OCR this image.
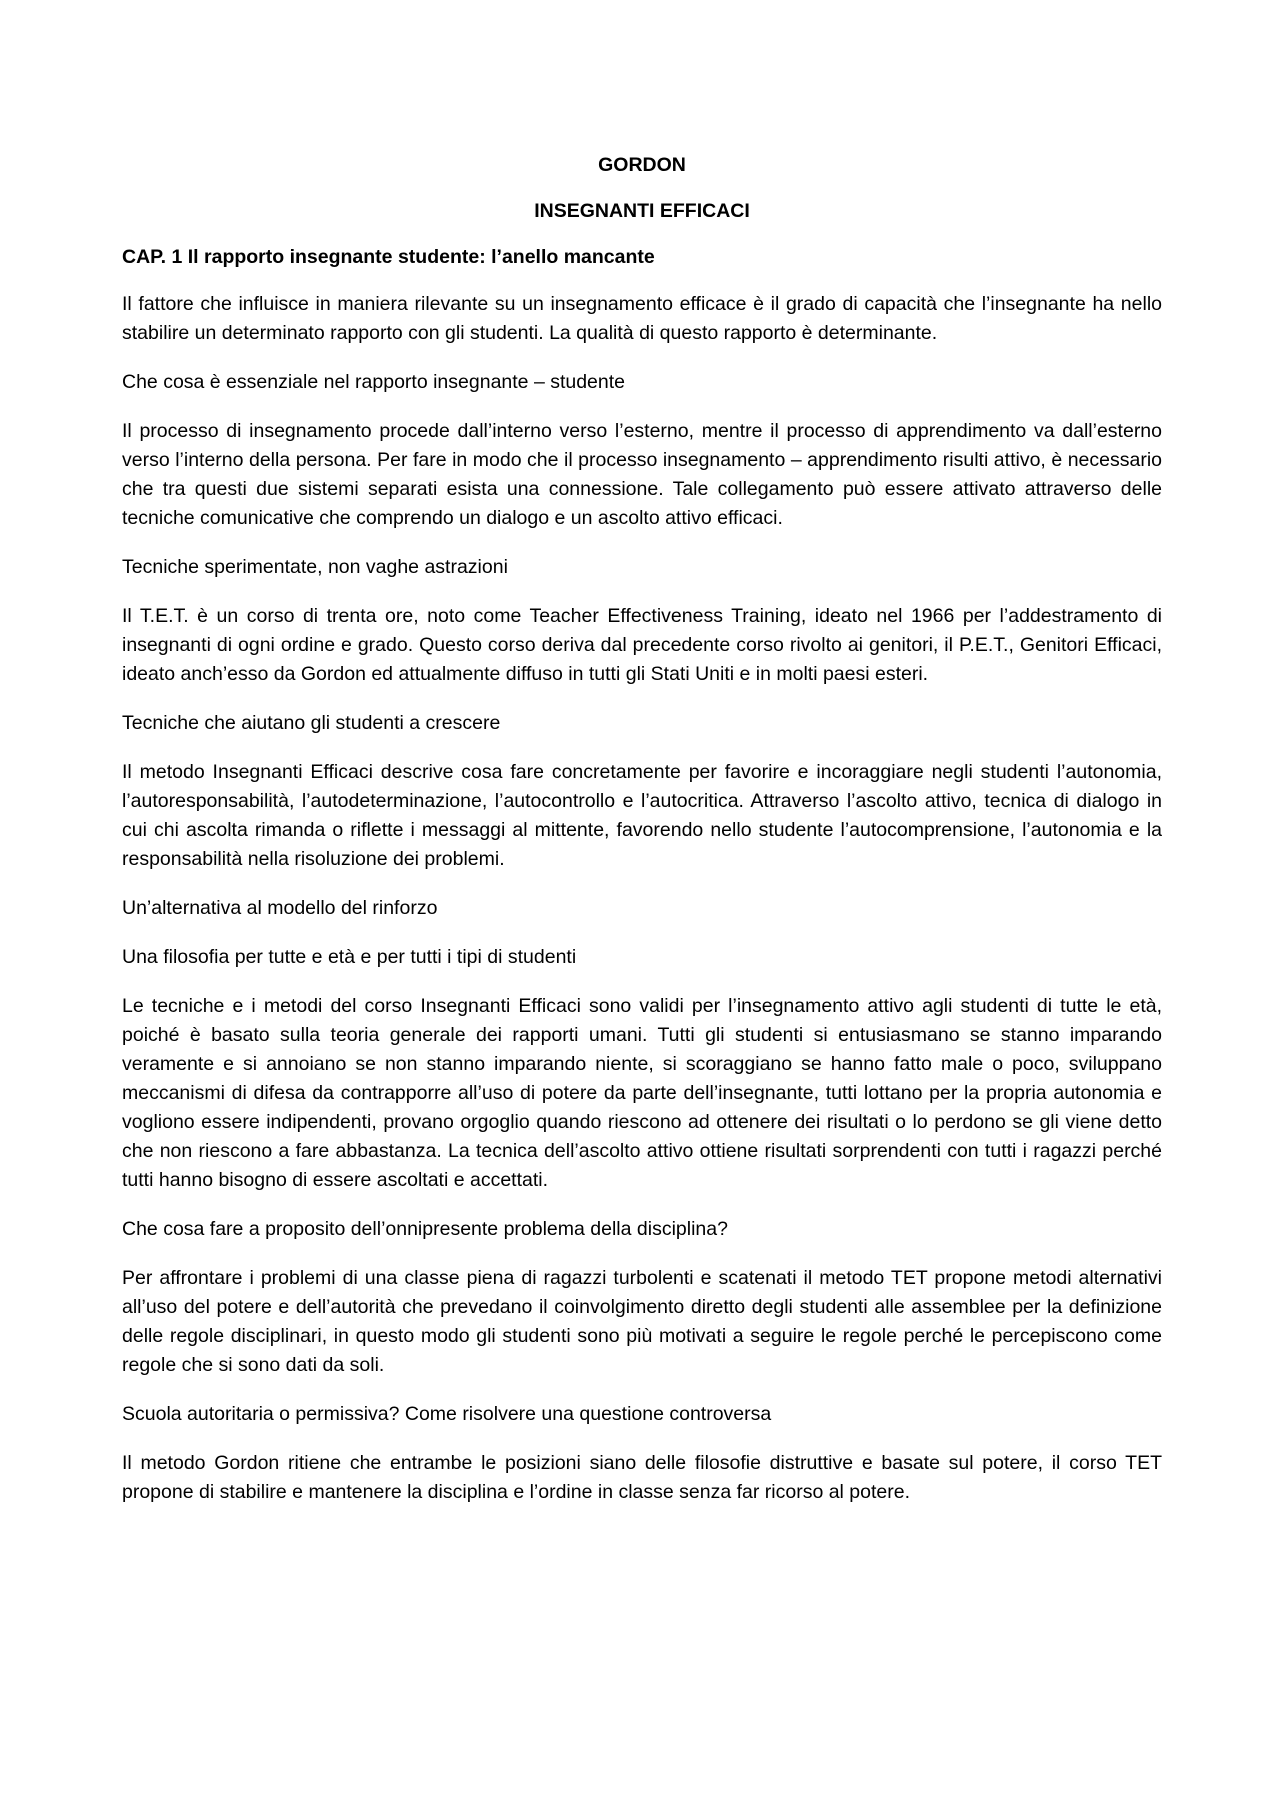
GORDON
INSEGNANTI EFFICACI
CAP. 1 Il rapporto insegnante studente: l’anello mancante
Il fattore che influisce in maniera rilevante su un insegnamento efficace è il grado di capacità che l’insegnante ha nello stabilire un determinato rapporto con gli studenti. La qualità di questo rapporto è determinante.
Che cosa è essenziale nel rapporto insegnante – studente
Il processo di insegnamento procede dall’interno verso l’esterno, mentre il processo di apprendimento va dall’esterno verso l’interno della persona. Per fare in modo che il processo insegnamento – apprendimento risulti attivo, è necessario che tra questi due sistemi separati esista una connessione. Tale collegamento può essere attivato attraverso delle tecniche comunicative che comprendo un dialogo e un ascolto attivo efficaci.
Tecniche sperimentate, non vaghe astrazioni
Il T.E.T. è un corso di trenta ore, noto come Teacher Effectiveness Training, ideato nel 1966 per l’addestramento di insegnanti di ogni ordine e grado. Questo corso deriva dal precedente corso rivolto ai genitori, il P.E.T., Genitori Efficaci, ideato anch’esso da Gordon ed attualmente diffuso in tutti gli Stati Uniti e in molti paesi esteri.
Tecniche che aiutano gli studenti a crescere
Il metodo Insegnanti Efficaci descrive cosa fare concretamente per favorire e incoraggiare negli studenti l’autonomia, l’autoresponsabilità, l’autodeterminazione, l’autocontrollo e l’autocritica. Attraverso l’ascolto attivo, tecnica di dialogo in cui chi ascolta rimanda o riflette i messaggi al mittente, favorendo nello studente l’autocomprensione, l’autonomia e la responsabilità nella risoluzione dei problemi.
Un’alternativa al modello del rinforzo
Una filosofia per tutte e età e per tutti i tipi di studenti
Le tecniche e i metodi del corso Insegnanti Efficaci sono validi per l’insegnamento attivo agli studenti di tutte le età, poiché è basato sulla teoria generale dei rapporti umani. Tutti gli studenti si entusiasmano se stanno imparando veramente e si annoiano se non stanno imparando niente, si scoraggiano se hanno fatto male o poco, sviluppano meccanismi di difesa da contrapporre all’uso di potere da parte dell’insegnante, tutti lottano per la propria autonomia e vogliono essere indipendenti, provano orgoglio quando riescono ad ottenere dei risultati o lo perdono se gli viene detto che non riescono a fare abbastanza. La tecnica dell’ascolto attivo ottiene risultati sorprendenti con tutti i ragazzi perché tutti hanno bisogno di essere ascoltati e accettati.
Che cosa fare a proposito dell’onnipresente problema della disciplina?
Per affrontare i problemi di una classe piena di ragazzi turbolenti e scatenati il metodo TET propone metodi alternativi all’uso del potere e dell’autorità che prevedano il coinvolgimento diretto degli studenti alle assemblee per la definizione delle regole disciplinari, in questo modo gli studenti sono più motivati a seguire le regole perché le percepiscono come regole che si sono dati da soli.
Scuola autoritaria o permissiva? Come risolvere una questione controversa
Il metodo Gordon ritiene che entrambe le posizioni siano delle filosofie distruttive e basate sul potere, il corso TET propone di stabilire e mantenere la disciplina e l’ordine in classe senza far ricorso al potere.
